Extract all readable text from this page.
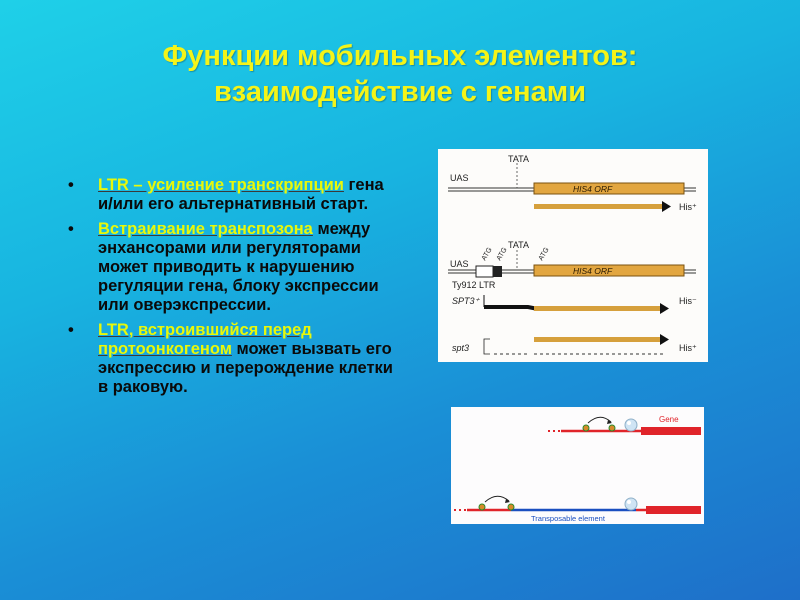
Функции мобильных элементов:
взаимодействие с генами
• LTR – усиление транскрипции гена и/или его альтернативный старт.
• Встраивание транспозона между энхансорами или регуляторами может приводить к нарушению регуляции гена, блоку экспрессии или оверэкспрессии.
• LTR, встроившийся перед протоонкогеном может вызвать его экспрессию и перерождение клетки в раковую.
TATA
UAS
HIS4 ORF
His⁺
TATA
UAS
ATG ATG	ATG
HIS4 ORF
Ty912 LTR
SPT3⁺	His⁻
spt3	His⁺
Gene
Transposable element
